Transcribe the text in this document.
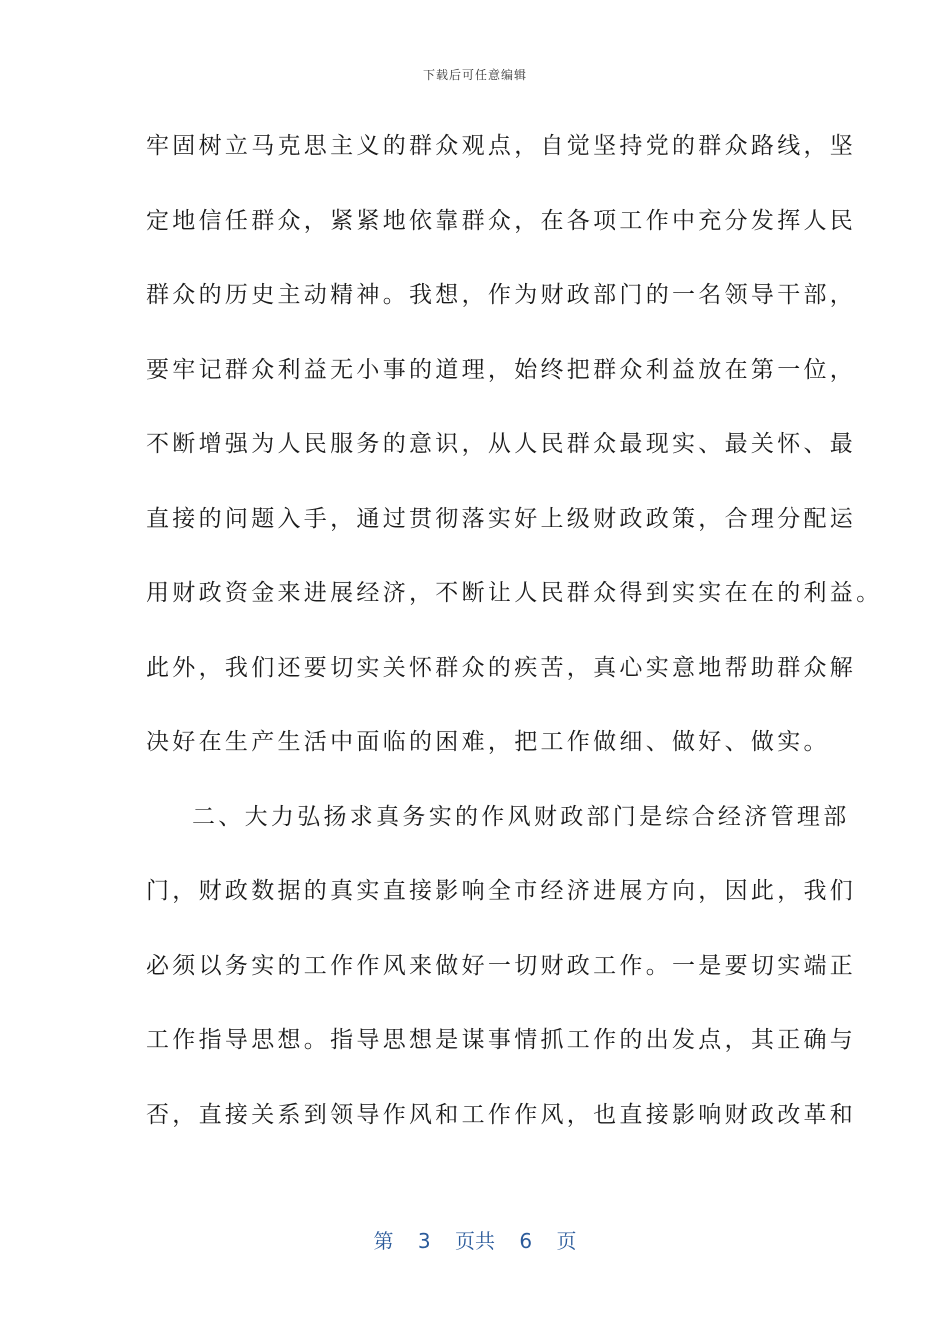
下载后可任意编辑
牢固树立马克思主义的群众观点，自觉坚持党的群众路线，坚
定地信任群众，紧紧地依靠群众，在各项工作中充分发挥人民
群众的历史主动精神。我想，作为财政部门的一名领导干部，
要牢记群众利益无小事的道理，始终把群众利益放在第一位，
不断增强为人民服务的意识，从人民群众最现实、最关怀、最
直接的问题入手，通过贯彻落实好上级财政政策，合理分配运
用财政资金来进展经济，不断让人民群众得到实实在在的利益。
此外，我们还要切实关怀群众的疾苦，真心实意地帮助群众解
决好在生产生活中面临的困难，把工作做细、做好、做实。
二、大力弘扬求真务实的作风财政部门是综合经济管理部
门，财政数据的真实直接影响全市经济进展方向，因此，我们
必须以务实的工作作风来做好一切财政工作。一是要切实端正
工作指导思想。指导思想是谋事情抓工作的出发点，其正确与
否，直接关系到领导作风和工作作风，也直接影响财政改革和
第 3 页共 6 页
